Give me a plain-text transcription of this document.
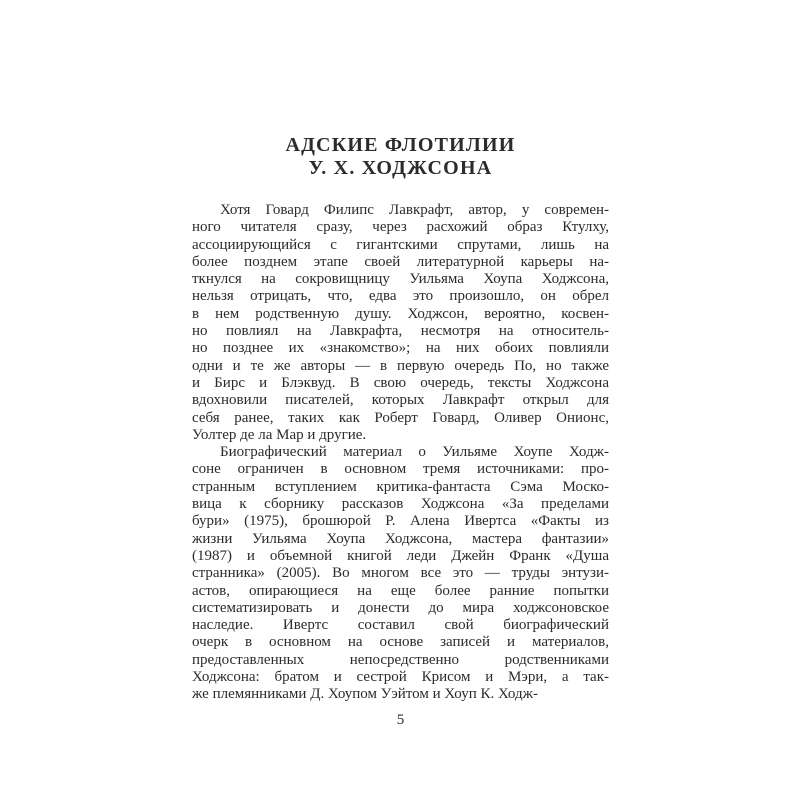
АДСКИЕ ФЛОТИЛИИ
У. Х. ХОДЖСОНА
Хотя Говард Филипс Лавкрафт, автор, у современ-
ного читателя сразу, через расхожий образ Ктулху,
ассоциирующийся с гигантскими спрутами, лишь на
более позднем этапе своей литературной карьеры на-
ткнулся на сокровищницу Уильяма Хоупа Ходжсона,
нельзя отрицать, что, едва это произошло, он обрел
в нем родственную душу. Ходжсон, вероятно, косвен-
но повлиял на Лавкрафта, несмотря на относитель-
но позднее их «знакомство»; на них обоих повлияли
одни и те же авторы — в первую очередь По, но также
и Бирс и Блэквуд. В свою очередь, тексты Ходжсона
вдохновили писателей, которых Лавкрафт открыл для
себя ранее, таких как Роберт Говард, Оливер Онионс,
Уолтер де ла Мар и другие.
Биографический материал о Уильяме Хоупе Ходж-
соне ограничен в основном тремя источниками: про-
странным вступлением критика-фантаста Сэма Моско-
вица к сборнику рассказов Ходжсона «За пределами
бури» (1975), брошюрой Р. Алена Ивертса «Факты из
жизни Уильяма Хоупа Ходжсона, мастера фантазии»
(1987) и объемной книгой леди Джейн Франк «Душа
странника» (2005). Во многом все это — труды энтузи-
астов, опирающиеся на еще более ранние попытки
систематизировать и донести до мира ходжсоновское
наследие. Ивертс составил свой биографический
очерк в основном на основе записей и материалов,
предоставленных непосредственно родственниками
Ходжсона: братом и сестрой Крисом и Мэри, а так-
же племянниками Д. Хоупом Уэйтом и Хоуп К. Ходж-
5
